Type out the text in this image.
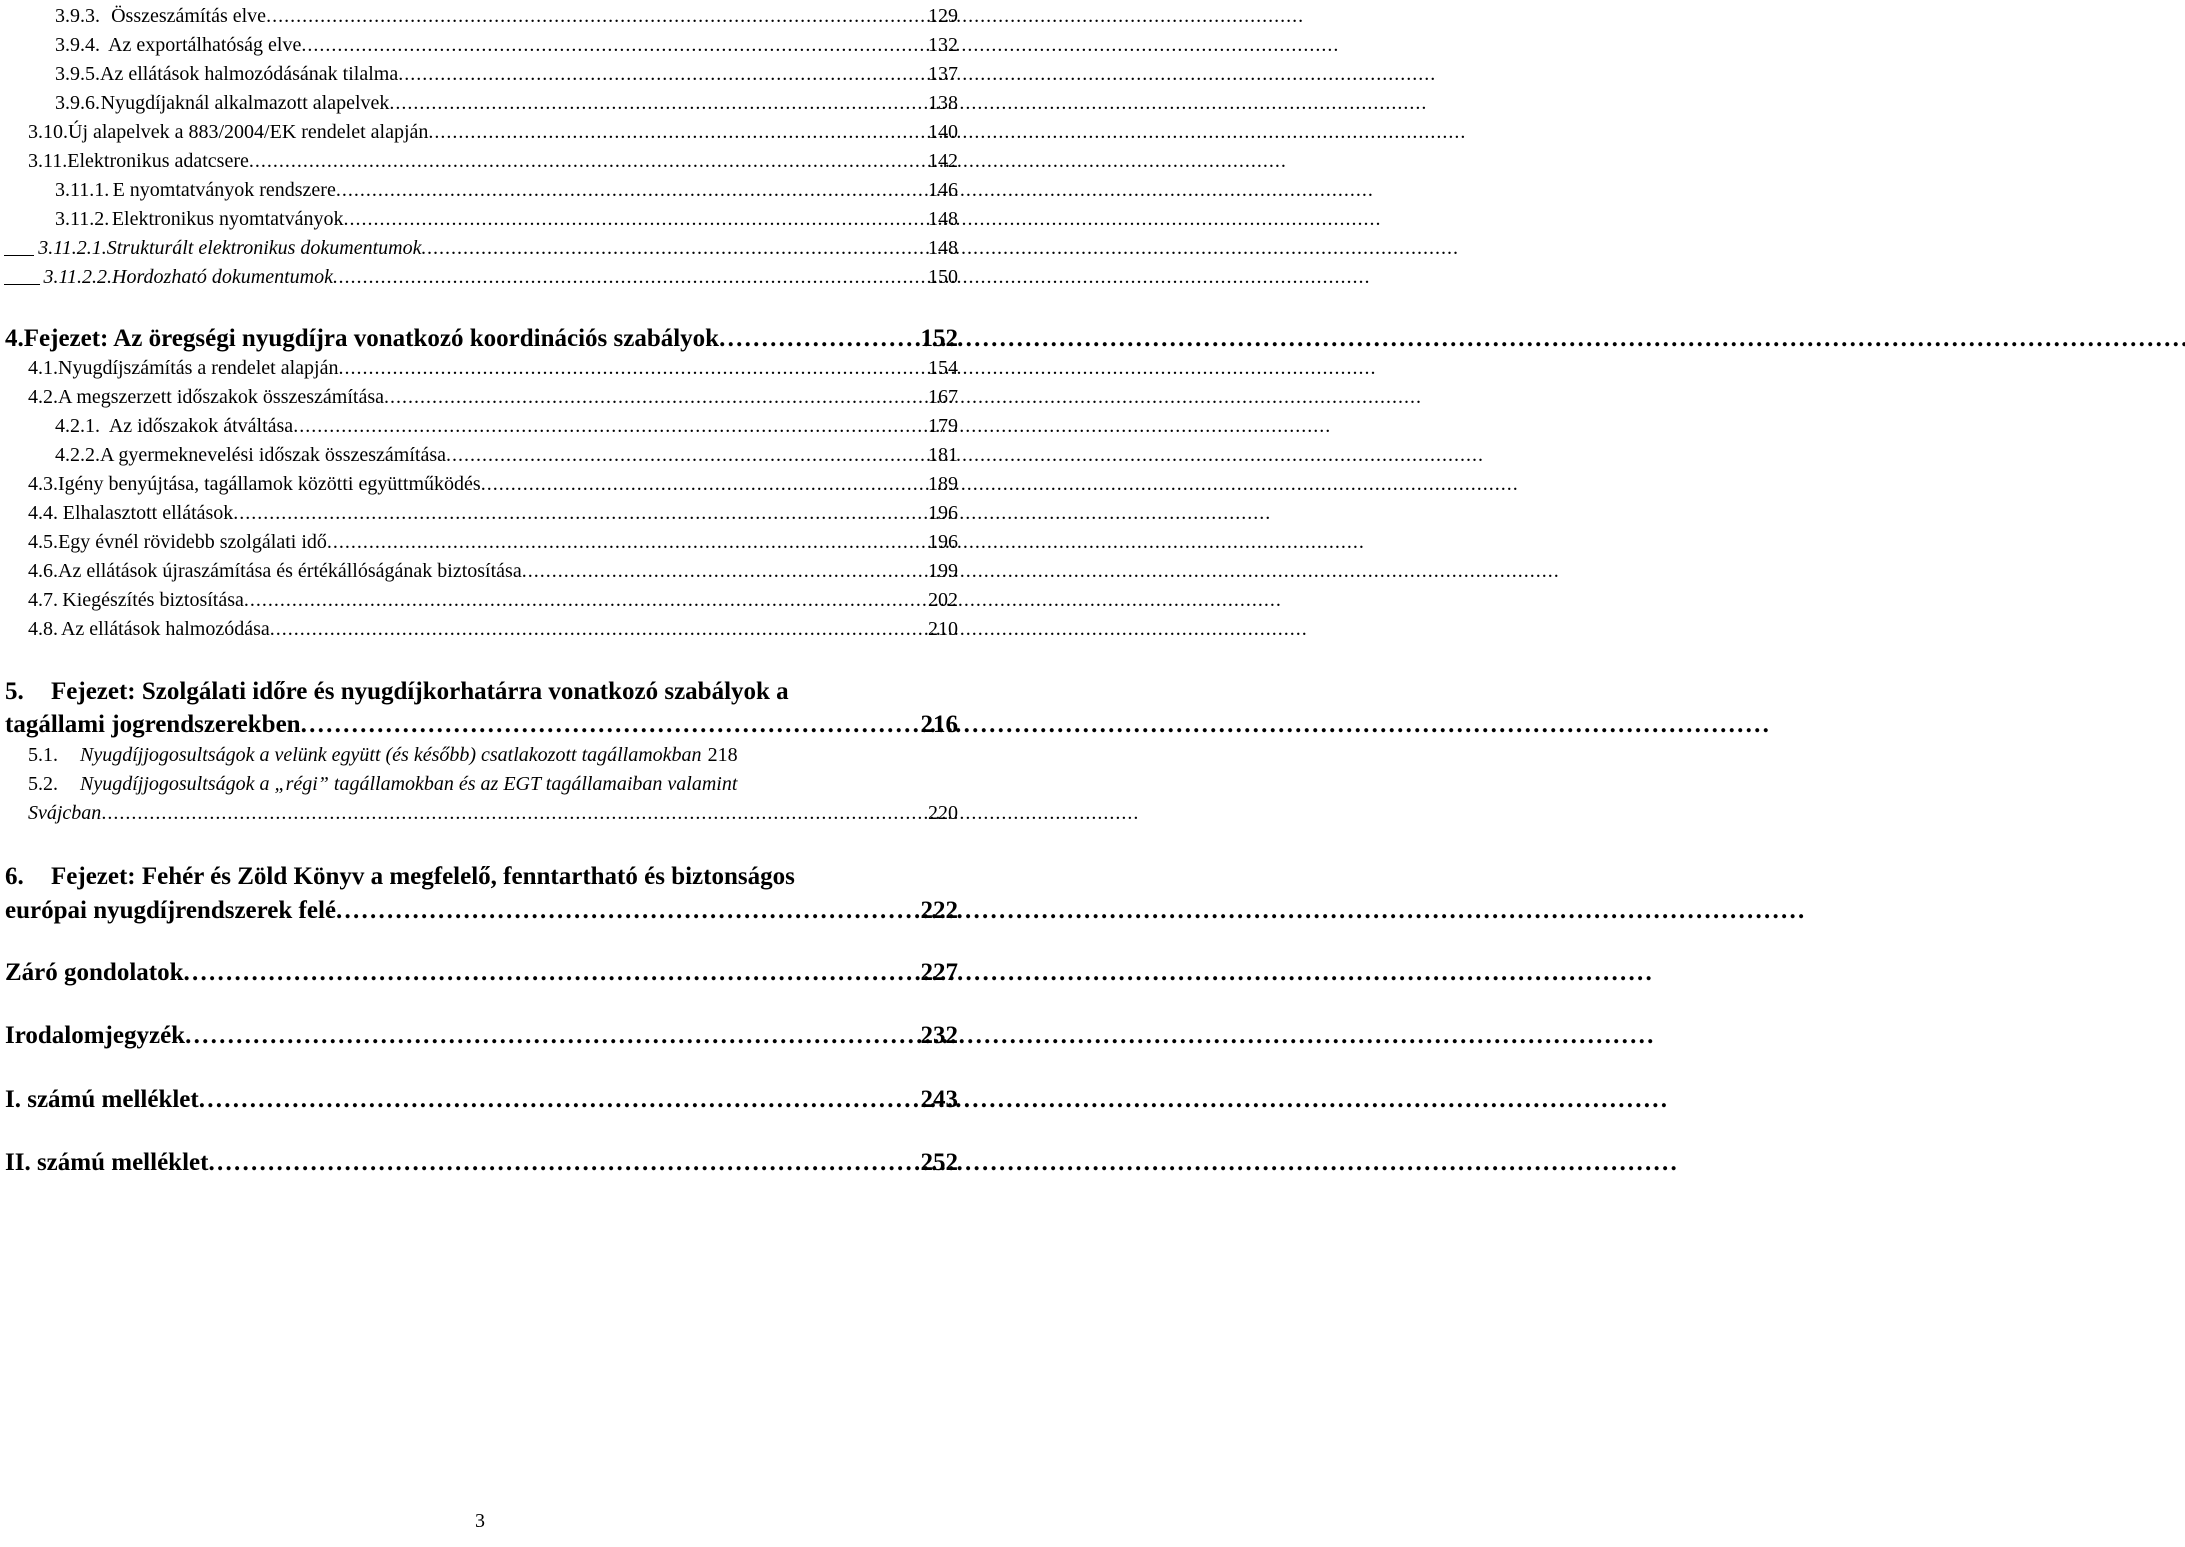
3.9.3. Összeszámítás elve . . .	129
3.9.4. Az exportálhatóság elve . . .	132
3.9.5. Az ellátások halmozódásának tilalma . . .	137
3.9.6. Nyugdíjaknál alkalmazott alapelvek . . .	138
3.10. Új alapelvek a 883/2004/EK rendelet alapján . . .	140
3.11. Elektronikus adatcsere . . .	142
3.11.1. E nyomtatványok rendszere . . .	146
3.11.2. Elektronikus nyomtatványok . . .	148
3.11.2.1. Strukturált elektronikus dokumentumok . . .	148
3.11.2.2. Hordozható dokumentumok . . .	150
4. Fejezet: Az öregségi nyugdíjra vonatkozó koordinációs szabályok . . .	152
4.1. Nyugdíjszámítás a rendelet alapján . . .	154
4.2. A megszerzett időszakok összeszámítása . . .	167
4.2.1. Az időszakok átváltása . . .	179
4.2.2. A gyermeknevelési időszak összeszámítása . . .	181
4.3. Igény benyújtása, tagállamok közötti együttműködés . . .	189
4.4. Elhalasztott ellátások . . .	196
4.5. Egy évnél rövidebb szolgálati idő . . .	196
4.6. Az ellátások újraszámítása és értékállóságának biztosítása . . .	199
4.7. Kiegészítés biztosítása . . .	202
4.8. Az ellátások halmozódása . . .	210
5. Fejezet: Szolgálati időre és nyugdíjkorhatárra vonatkozó szabályok a
tagállami jogrendszerekben . . .	216
5.1.	Nyugdíjjogosultságok a velünk együtt (és később) csatlakozott tagállamokban 218
5.2. Nyugdíjjogosultságok a „régi” tagállamokban és az EGT tagállamaiban valamint
Svájcban . . .	220
6. Fejezet: Fehér és Zöld Könyv a megfelelő, fenntartható és biztonságos
európai nyugdíjrendszerek felé . . .	222
Záró gondolatok . . .	227
Irodalomjegyzék . . .	232
I. számú melléklet . . .	243
II. számú melléklet . . .	252
3
